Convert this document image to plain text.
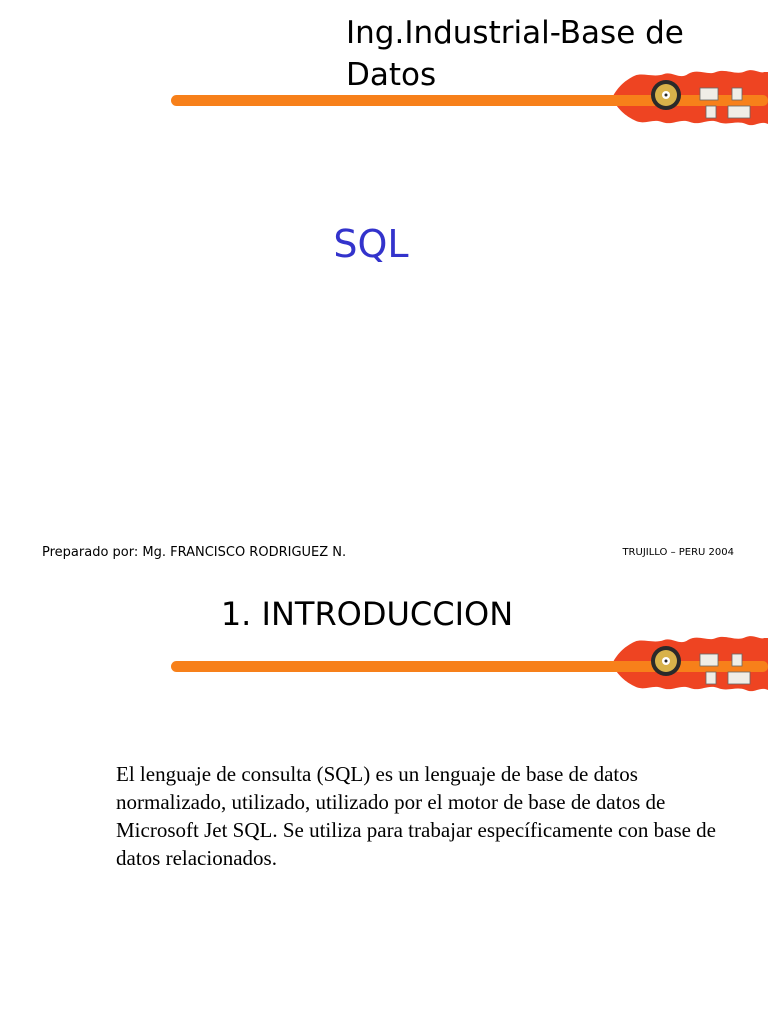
Ing.Industrial-Base de Datos
SQL
Preparado por: Mg. FRANCISCO RODRIGUEZ N.	TRUJILLO – PERU 2004
1. INTRODUCCION
El lenguaje de consulta (SQL) es un lenguaje de base de datos normalizado, utilizado, utilizado por el motor de base de datos de Microsoft Jet SQL. Se utiliza para trabajar específicamente con base de datos relacionados.
